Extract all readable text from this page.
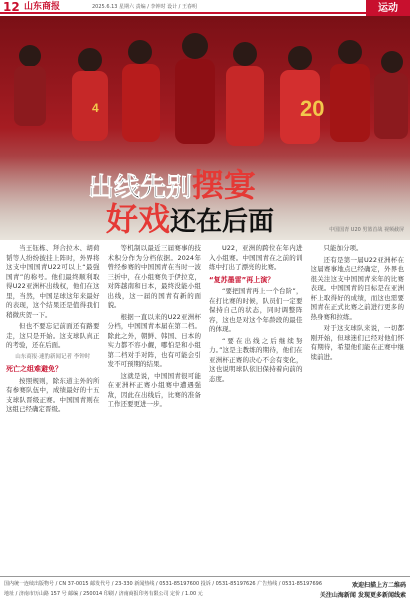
12 山东商报	2025.6.13 星期六 责编 / 李钟时 设计 / 王春明	运动
20
4
出线先别摆宴
好戏还在后面	中国国青 U20 男篮首战 视频截屏

当王钰栋、拜合拉木、胡荷韬等人纷纷披挂上阵时，外界将这支中国国青U22可以上“最强国青”的称号。他们最终顺利取得U22亚洲杯出线权，他们在这里，当然，中国足球这年来最好的表现，这个结果还是值得我们稍微庆贺一下。

但也不要忘记前面还有路要走，这只是开始。这支球队真正的考验，还在后面。

山东商报·速豹新闻记者 李钟时
死亡之组难避免？

按照规则，除东道主外的所有参赛队伍中，成绩最好的十五支球队晋级正赛。中国国青则在这组已经确定晋级。

等机制以最近三届赛事的技术积分作为分档依据。2024年曾经参赛的中国国青在当时一波三折中，在小组赛负于伊拉克，对阵越南和日本，最终没能小组出线，这一届的国青有新的面貌。

根据一直以来的U22亚洲杯分档，中国国青本届在第二档。除此之外，朝鲜、韩国、日本的实力都不容小觑，哪怕是和小组第二档对手对阵，也有可能会引发不可预期的结果。

这就是说，中国国青很可能在亚洲杯正赛小组赛中遭遇强敌，因此在出线后，比赛的准备工作还要更进一步。

U22，亚洲的跨位在年内进入小组赛。中国国青在之前的训练中打出了漂亮的比赛。

“复苏墨雷”再上演？

“要把国青再上一个台阶”，在打比赛的时候，队员们一定要保持自己的状态，同时调整阵容，这也是对这个年龄段的最佳的体现。

“要在出线之后继续努力。”这是主教练的期待，他们在亚洲杯正赛的决心不会有变化，这也说明球队依旧保持着向前的态度。

只能加分项。

还有是第一届U22亚洲杯在这届赛事地点已经确定，外界也很关注这支中国国青来年的比赛表现。中国国青的目标是在亚洲杯上取得好的成绩，而这也需要国青在正式比赛之前进行更多的热身赛和拉练。

对于这支球队来说，一切都刚开始，但球迷们已经对他们怀有期待，希望他们能在正赛中继续前进。

国内统一连续出版物号 / CN 37-0015 邮发代号 / 23-330 新闻热线 / 0531-85197600 投诉 / 0531-85197626 广告热线 / 0531-85197696
地址 / 济南市历山路 157 号 邮编 / 250014 印刷 / 济南商报印务有限公司 定价 / 1.00 元
欢迎扫描上方二维码
关注山海新闻 发现更多新闻线索
